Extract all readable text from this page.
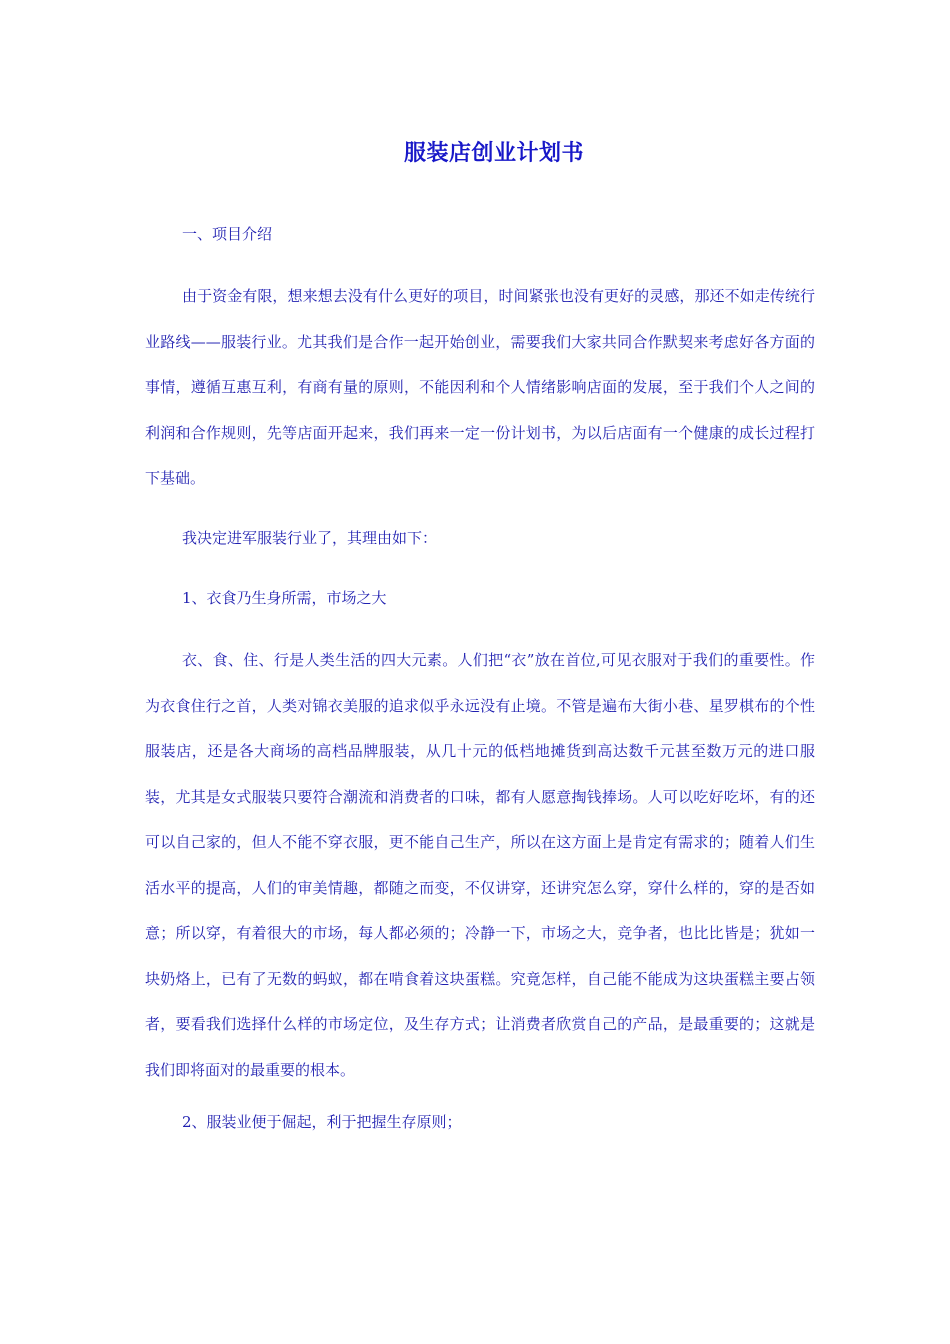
服装店创业计划书

一、项目介绍

由于资金有限，想来想去没有什么更好的项目，时间紧张也没有更好的灵感，那还不如走传统行业路线——服装行业。尤其我们是合作一起开始创业，需要我们大家共同合作默契来考虑好各方面的事情，遵循互惠互利，有商有量的原则，不能因利和个人情绪影响店面的发展，至于我们个人之间的利润和合作规则，先等店面开起来，我们再来一定一份计划书，为以后店面有一个健康的成长过程打下基础。

我决定进军服装行业了，其理由如下：

1、衣食乃生身所需，市场之大

衣、食、住、行是人类生活的四大元素。人们把“衣”放在首位,可见衣服对于我们的重要性。作为衣食住行之首，人类对锦衣美服的追求似乎永远没有止境。不管是遍布大街小巷、星罗棋布的个性服装店，还是各大商场的高档品牌服装，从几十元的低档地摊货到高达数千元甚至数万元的进口服装，尤其是女式服装只要符合潮流和消费者的口味，都有人愿意掏钱捧场。人可以吃好吃坏，有的还可以自己家的，但人不能不穿衣服，更不能自己生产，所以在这方面上是肯定有需求的；随着人们生活水平的提高，人们的审美情趣，都随之而变，不仅讲穿，还讲究怎么穿，穿什么样的，穿的是否如意；所以穿，有着很大的市场，每人都必须的；冷静一下，市场之大，竞争者，也比比皆是；犹如一块奶烙上，已有了无数的蚂蚁，都在啃食着这块蛋糕。究竟怎样，自己能不能成为这块蛋糕主要占领者，要看我们选择什么样的市场定位，及生存方式；让消费者欣赏自己的产品，是最重要的；这就是我们即将面对的最重要的根本。

2、服装业便于倔起，利于把握生存原则；
